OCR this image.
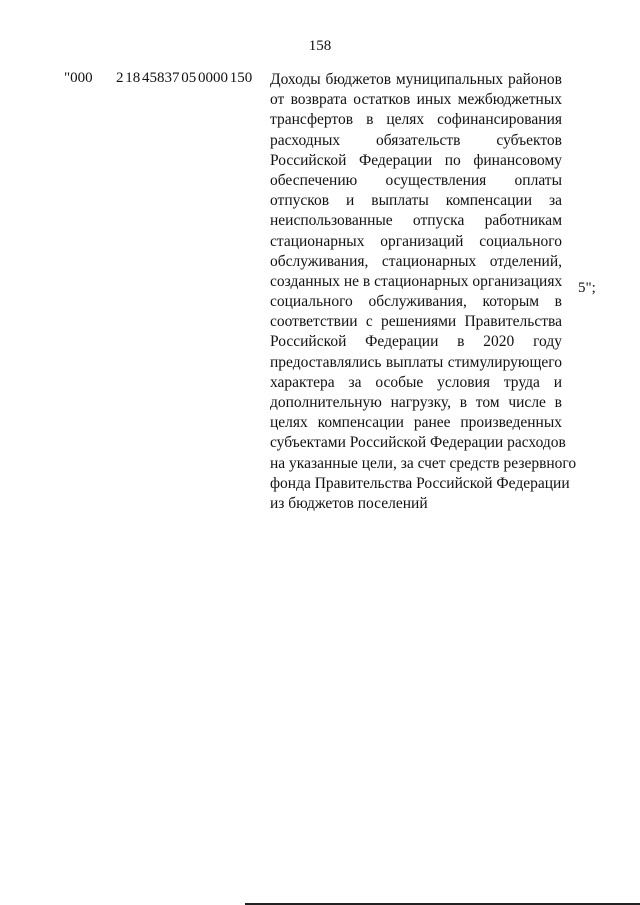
158
"000 2 18 45837 05 0000 150 Доходы бюджетов муниципальных районов
от возврата остатков иных межбюджетных
трансфертов в целях софинансирования
расходных обязательств субъектов
Российской Федерации по финансовому
обеспечению осуществления оплаты
отпусков и выплаты компенсации за
неиспользованные отпуска работникам
стационарных организаций социального
обслуживания, стационарных отделений,
созданных не в стационарных организациях
социального обслуживания, которым в
соответствии с решениями Правительства
Российской Федерации в 2020 году
предоставлялись выплаты стимулирующего
характера за особые условия труда и
дополнительную нагрузку, в том числе в
целях компенсации ранее произведенных
субъектами Российской Федерации расходов
на указанные цели, за счет средств резервного
фонда Правительства Российской Федерации
из бюджетов поселений
5";
